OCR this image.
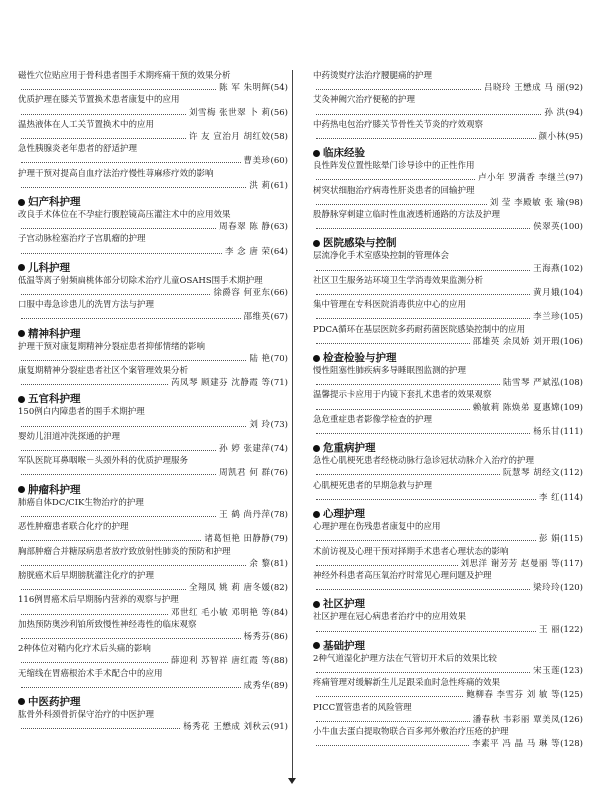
磁性穴位贴应用于骨科患者围手术期疼痛干预的效果分析
陈 军 朱明辉 (54)
优质护理在膝关节置换术患者康复中的应用
刘雪梅 张世翠 卜 莉 (56)
温热液体在人工关节置换术中的应用
许 友 宣治月 胡红姣 (58)
急性胰腺炎老年患者的舒适护理
曹美珍 (60)
护理干预对提高自血疗法治疗慢性荨麻疹疗效的影响
洪 莉 (61)
妇产科护理
改良手术体位在不孕症行腹腔镜高压灌注术中的应用效果
周春翠 陈 静 (63)
子宫动脉栓塞治疗子宫肌瘤的护理
李 念 唐 荣 (64)
儿科护理
低温等离子射频扁桃体部分切除术治疗儿童OSAHS围手术期护理
徐爵容 何亚东 (66)
口服中毒急诊患儿的洗胃方法与护理
邵维英 (67)
精神科护理
护理干预对康复期精神分裂症患者抑郁情绪的影响
陆 艳 (70)
康复期精神分裂症患者社区个案管理效果分析
芮凤琴 顾建芬 沈静霞 等 (71)
五官科护理
150例白内障患者的围手术期护理
刘 玲 (73)
婴幼儿泪道冲洗探通的护理
孙 婷 张建萍 (74)
军队医院耳鼻咽喉－头颈外科的优质护理服务
周凯君 何 群 (76)
肿瘤科护理
肺癌自体DC/CIK生物治疗的护理
王 鹤 尚丹萍 (78)
恶性肿瘤患者联合化疗的护理
诸葛恒艳 田静静 (79)
胸部肿瘤合并糖尿病患者放疗致放射性肺炎的预防和护理
余 黎 (81)
膀胱癌术后早期膀胱灌注化疗的护理
全翔凤 姚 莉 唐冬媛 (82)
116例胃癌术后早期肠内营养的观察与护理
邓世红 毛小敏 邓明艳 等 (84)
加热预防奥沙利铂所致慢性神经毒性的临床观察
杨秀芬 (86)
2种体位对鞘内化疗术后头痛的影响
薛迎利 苏智祥 唐红霞 等 (88)
无缩线在胃癌根治术手术配合中的应用
成秀华 (89)
中医药护理
肱骨外科颈骨折保守治疗的中医护理
杨秀花 王懋成 刘秋云 (91)
中药烫熨疗法治疗腰腿痛的护理
吕晓玲 王懋成 马 丽 (92)
艾灸神阙穴治疗便秘的护理
孙 洪 (94)
中药热电包治疗膝关节骨性关节炎的疗效观察
颜小林 (95)
临床经验
良性阵发位置性眩晕门诊导诊中的正性作用
卢小年 罗满香 李继兰 (97)
树突状细胞治疗病毒性肝炎患者的回输护理
刘 莹 李殿敏 张 瑜 (98)
股静脉穿刺建立临时性血液透析通路的方法及护理
侯翠英 (100)
医院感染与控制
层流净化手术室感染控制的管理体会
王海燕 (102)
社区卫生服务站环境卫生学消毒效果监测分析
黄月娥 (104)
集中管理在专科医院消毒供应中心的应用
李兰珍 (105)
PDCA循环在基层医院多药耐药菌医院感染控制中的应用
邵雄英 余凤娇 刘开瑕 (106)
检查检验与护理
慢性阻塞性肺疾病多导睡眠图监测的护理
陆雪琴 严斌泓 (108)
温馨提示卡应用于内镜下套扎术患者的效果观察
赖敏莉 陈焕弟 夏惠嫦 (109)
急危重症患者影像学检查的护理
杨乐甘 (111)
危重病护理
急性心肌梗死患者经桡动脉行急诊冠状动脉介入治疗的护理
阮慧琴 胡经文 (112)
心肌梗死患者的早期急救与护理
李 红 (114)
心理护理
心理护理在伤残患者康复中的应用
彭 娟 (115)
术前访视及心理干预对择期手术患者心理状态的影响
刘思洋 谢芳芳 赵曼丽 等 (117)
神经外科患者高压氧治疗时常见心理问题及护理
梁玲玲 (120)
社区护理
社区护理在冠心病患者治疗中的应用效果
王 丽 (122)
基础护理
2种气道湿化护理方法在气管切开术后的效果比较
宋玉莲 (123)
疼痛管理对缓解新生儿足跟采血时急性疼痛的效果
鲍柳春 李雪芬 刘 敏 等 (125)
PICC置管患者的风险管理
潘春秋 韦彩丽 覃美凤 (126)
小牛血去蛋白提取物联合百多邦外敷治疗压疮的护理
李素平 冯 晶 马 琳 等 (128)
